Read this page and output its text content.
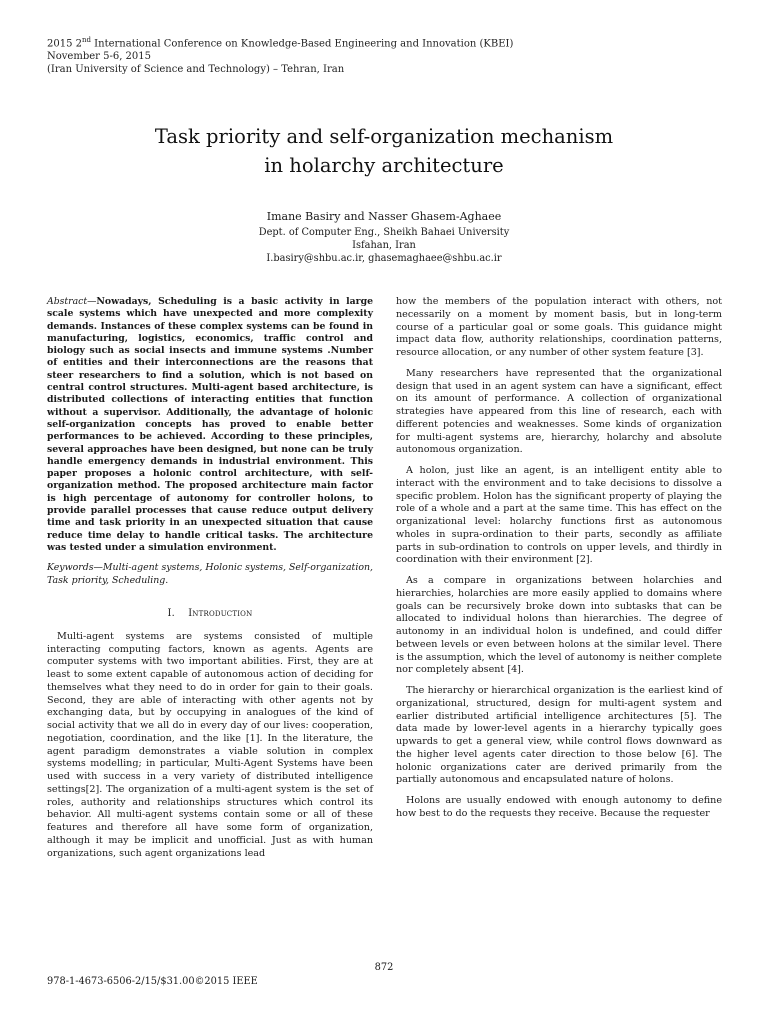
2015 2nd International Conference on Knowledge-Based Engineering and Innovation (KBEI)
November 5-6, 2015
(Iran University of Science and Technology) – Tehran, Iran
Task priority and self-organization mechanism
in holarchy architecture
Imane Basiry and Nasser Ghasem-Aghaee
Dept. of Computer Eng., Sheikh Bahaei University
Isfahan, Iran
I.basiry@shbu.ac.ir, ghasemaghaee@shbu.ac.ir
Abstract—Nowadays, Scheduling is a basic activity in large scale systems which have unexpected and more complexity demands. Instances of these complex systems can be found in manufacturing, logistics, economics, traffic control and biology such as social insects and immune systems .Number of entities and their interconnections are the reasons that steer researchers to find a solution, which is not based on central control structures. Multi-agent based architecture, is distributed collections of interacting entities that function without a supervisor. Additionally, the advantage of holonic self-organization concepts has proved to enable better performances to be achieved. According to these principles, several approaches have been designed, but none can be truly handle emergency demands in industrial environment. This paper proposes a holonic control architecture, with self-organization method. The proposed architecture main factor is high percentage of autonomy for controller holons, to provide parallel processes that cause reduce output delivery time and task priority in an unexpected situation that cause reduce time delay to handle critical tasks. The architecture was tested under a simulation environment.
Keywords—Multi-agent systems, Holonic systems, Self-organization, Task priority, Scheduling.
I. Introduction

Multi-agent systems are systems consisted of multiple interacting computing factors, known as agents. Agents are computer systems with two important abilities. First, they are at least to some extent capable of autonomous action of deciding for themselves what they need to do in order for gain to their goals. Second, they are able of interacting with other agents not by exchanging data, but by occupying in analogues of the kind of social activity that we all do in every day of our lives: cooperation, negotiation, coordination, and the like [1]. In the literature, the agent paradigm demonstrates a viable solution in complex systems modelling; in particular, Multi-Agent Systems have been used with success in a very variety of distributed intelligence settings[2]. The organization of a multi-agent system is the set of roles, authority and relationships structures which control its behavior. All multi-agent systems contain some or all of these features and therefore all have some form of organization, although it may be implicit and unofficial. Just as with human organizations, such agent organizations lead

how the members of the population interact with others, not necessarily on a moment by moment basis, but in long-term course of a particular goal or some goals. This guidance might impact data flow, authority relationships, coordination patterns, resource allocation, or any number of other system feature [3].

Many researchers have represented that the organizational design that used in an agent system can have a significant, effect on its amount of performance. A collection of organizational strategies have appeared from this line of research, each with different potencies and weaknesses. Some kinds of organization for multi-agent systems are, hierarchy, holarchy and absolute autonomous organization.

A holon, just like an agent, is an intelligent entity able to interact with the environment and to take decisions to dissolve a specific problem. Holon has the significant property of playing the role of a whole and a part at the same time. This has effect on the organizational level: holarchy functions first as autonomous wholes in supra-ordination to their parts, secondly as affiliate parts in sub-ordination to controls on upper levels, and thirdly in coordination with their environment [2].

As a compare in organizations between holarchies and hierarchies, holarchies are more easily applied to domains where goals can be recursively broke down into subtasks that can be allocated to individual holons than hierarchies. The degree of autonomy in an individual holon is undefined, and could differ between levels or even between holons at the similar level. There is the assumption, which the level of autonomy is neither complete nor completely absent [4].

The hierarchy or hierarchical organization is the earliest kind of organizational, structured, design for multi-agent system and earlier distributed artificial intelligence architectures [5]. The data made by lower-level agents in a hierarchy typically goes upwards to get a general view, while control flows downward as the higher level agents cater direction to those below [6]. The holonic organizations cater are derived primarily from the partially autonomous and encapsulated nature of holons.

Holons are usually endowed with enough autonomy to define how best to do the requests they receive. Because the requester

872
978-1-4673-6506-2/15/$31.00©2015 IEEE
